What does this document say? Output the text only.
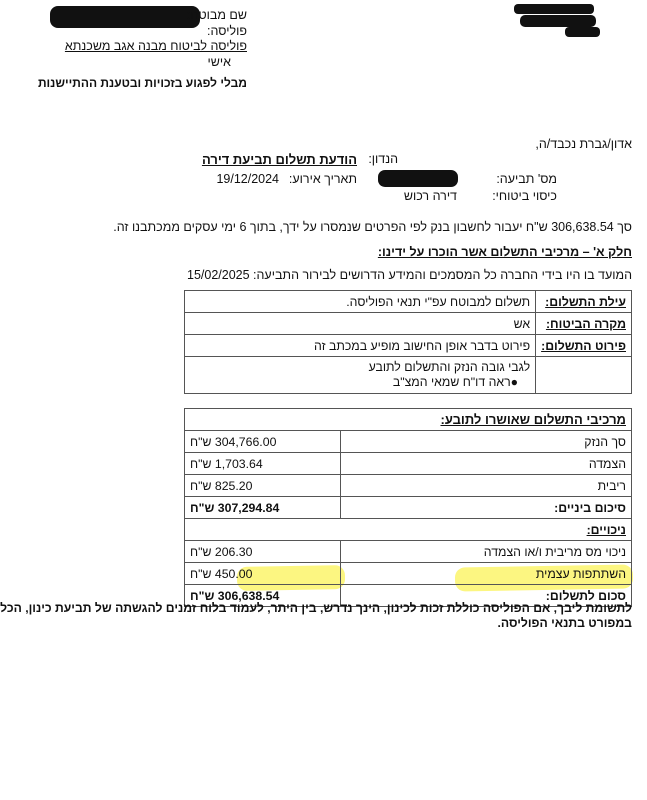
שם מבוטח:
פוליסה:
פוליסה לביטוח מבנה אגב משכנתא
אישי
מבלי לפגוע בזכויות ובטענת ההתיישנות
אדון/גברת נכבד/ה,
הנדון:
הודעת תשלום תביעת דירה
מס' תביעה:
תאריך אירוע:
19/12/2024
כיסוי ביטוחי:
דירה רכוש
סך 306,638.54 ש"ח יעבור לחשבון בנק לפי הפרטים שנמסרו על ידך, בתוך 6 ימי עסקים ממכתבנו זה.
חלק א' – מרכיבי התשלום אשר הוכרו על ידינו:
המועד בו היו בידי החברה כל המסמכים והמידע הדרושים לבירור התביעה: 15/02/2025
עילת התשלום:	תשלום למבוטח עפ"י תנאי הפוליסה.
מקרה הביטוח:	אש
פירוט התשלום:	פירוט בדבר אופן החישוב מופיע במכתב זה

	לגבי גובה הנזק והתשלום לתובע
●ראה דו"ח שמאי המצ"ב
מרכיבי התשלום שאושרו לתובע:	
סך הנזק	304,766.00 ש"ח
הצמדה	1,703.64 ש"ח
ריבית	825.20 ש"ח
סיכום ביניים:	307,294.84 ש"ח
ניכויים:	
ניכוי מס מריבית ו/או הצמדה	206.30 ש"ח
השתתפות עצמית	450.00 ש"ח
סכום לתשלום:	306,638.54 ש"ח
לתשומת ליבך, אם הפוליסה כוללת זכות לכינון, הינך נדרש, בין היתר, לעמוד בלוח זמנים להגשתה של תביעת כינון, הכל
במפורט בתנאי הפוליסה.
